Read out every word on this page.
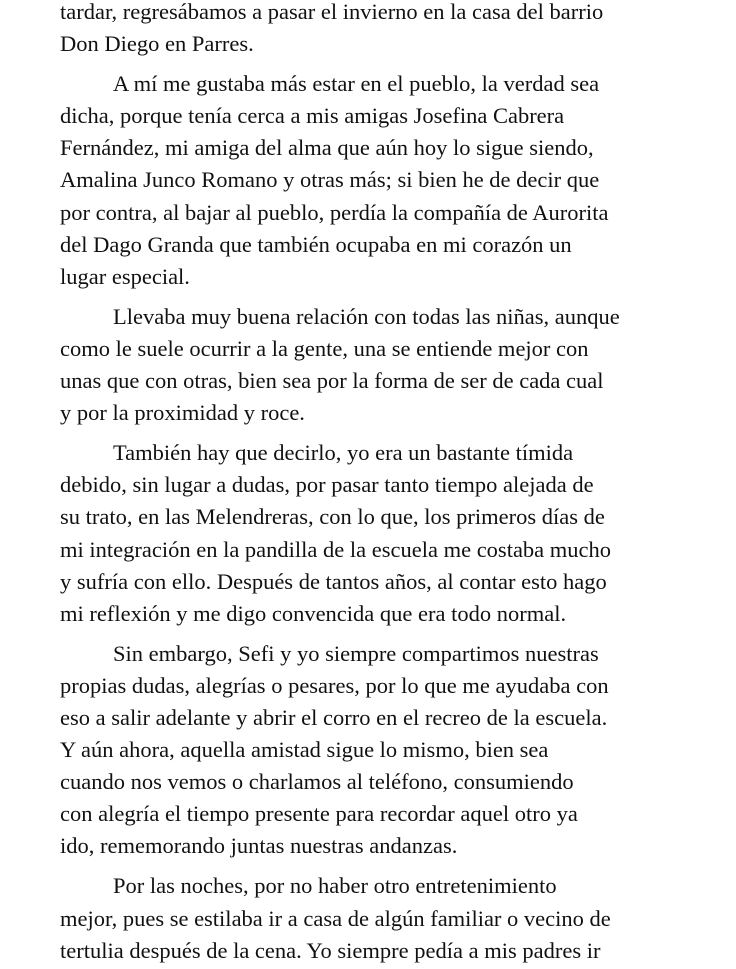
tardar, regresábamos a pasar el invierno en la casa del barrio
Don Diego en Parres.
A mí me gustaba más estar en el pueblo, la verdad sea
dicha, porque tenía cerca a mis amigas Josefina Cabrera
Fernández, mi amiga del alma que aún hoy lo sigue siendo,
Amalina Junco Romano y otras más; si bien he de decir que
por contra, al bajar al pueblo, perdía la compañía de Aurorita
del Dago Granda que también ocupaba en mi corazón un
lugar especial.
Llevaba muy buena relación con todas las niñas, aunque
como le suele ocurrir a la gente, una se entiende mejor con
unas que con otras, bien sea por la forma de ser de cada cual
y por la proximidad y roce.
También hay que decirlo, yo era un bastante tímida
debido, sin lugar a dudas, por pasar tanto tiempo alejada de
su trato, en las Melendreras, con lo que, los primeros días de
mi integración en la pandilla de la escuela me costaba mucho
y sufría con ello. Después de tantos años, al contar esto hago
mi reflexión y me digo convencida que era todo normal.
Sin embargo, Sefi y yo siempre compartimos nuestras
propias dudas, alegrías o pesares, por lo que me ayudaba con
eso a salir adelante y abrir el corro en el recreo de la escuela.
Y aún ahora, aquella amistad sigue lo mismo, bien sea
cuando nos vemos o charlamos al teléfono, consumiendo
con alegría el tiempo presente para recordar aquel otro ya
ido, rememorando juntas nuestras andanzas.
Por las noches, por no haber otro entretenimiento
mejor, pues se estilaba ir a casa de algún familiar o vecino de
tertulia después de la cena. Yo siempre pedía a mis padres ir
